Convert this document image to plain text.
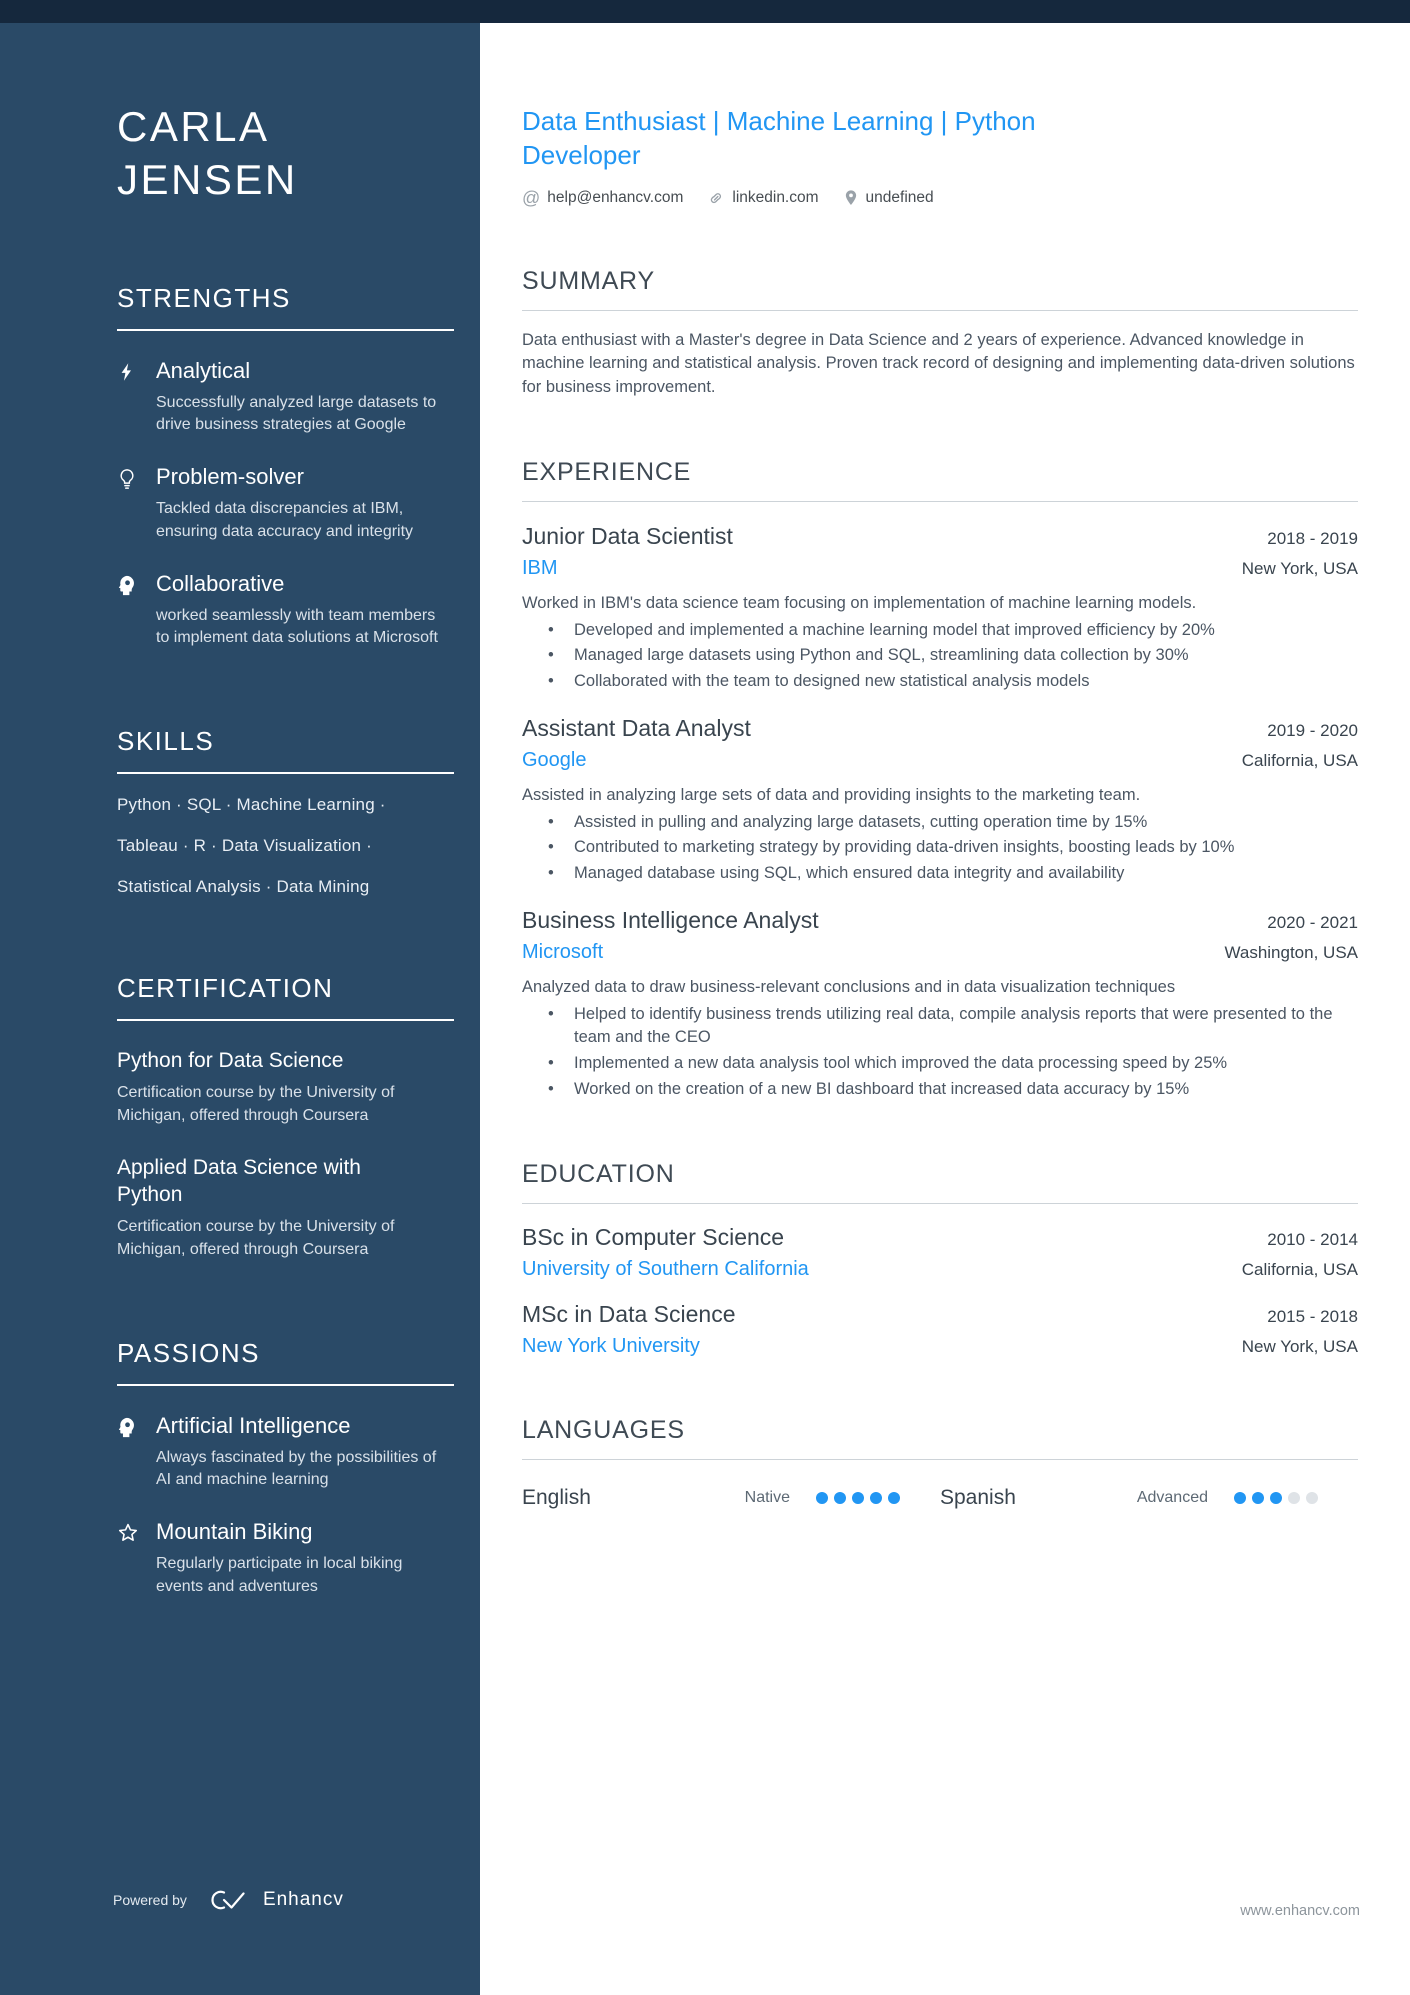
CARLA
JENSEN
STRENGTHS
Analytical
Successfully analyzed large datasets to drive business strategies at Google
Problem-solver
Tackled data discrepancies at IBM, ensuring data accuracy and integrity
Collaborative
worked seamlessly with team members to implement data solutions at Microsoft
SKILLS
Python · SQL · Machine Learning ·
Tableau · R · Data Visualization ·
Statistical Analysis · Data Mining
CERTIFICATION
Python for Data Science
Certification course by the University of Michigan, offered through Coursera
Applied Data Science with Python
Certification course by the University of Michigan, offered through Coursera
PASSIONS
Artificial Intelligence
Always fascinated by the possibilities of AI and machine learning
Mountain Biking
Regularly participate in local biking events and adventures
Powered by	Enhancv
Data Enthusiast | Machine Learning | Python Developer
@ help@enhancv.com	linkedin.com	undefined
SUMMARY

Data enthusiast with a Master's degree in Data Science and 2 years of experience. Advanced knowledge in machine learning and statistical analysis. Proven track record of designing and implementing data-driven solutions for business improvement.

EXPERIENCE
Junior Data Scientist	2018 - 2019
IBM	New York, USA

Worked in IBM's data science team focusing on implementation of machine learning models.

• Developed and implemented a machine learning model that improved efficiency by 20%
• Managed large datasets using Python and SQL, streamlining data collection by 30%
• Collaborated with the team to designed new statistical analysis models
Assistant Data Analyst	2019 - 2020
Google	California, USA

Assisted in analyzing large sets of data and providing insights to the marketing team.

• Assisted in pulling and analyzing large datasets, cutting operation time by 15%
• Contributed to marketing strategy by providing data-driven insights, boosting leads by 10%
• Managed database using SQL, which ensured data integrity and availability
Business Intelligence Analyst	2020 - 2021
Microsoft	Washington, USA

Analyzed data to draw business-relevant conclusions and in data visualization techniques

• Helped to identify business trends utilizing real data, compile analysis reports that were presented to the team and the CEO
• Implemented a new data analysis tool which improved the data processing speed by 25%
• Worked on the creation of a new BI dashboard that increased data accuracy by 15%
EDUCATION
BSc in Computer Science	2010 - 2014
University of Southern California	California, USA
MSc in Data Science	2015 - 2018
New York University	New York, USA
LANGUAGES
English	Native	Spanish	Advanced
www.enhancv.com
